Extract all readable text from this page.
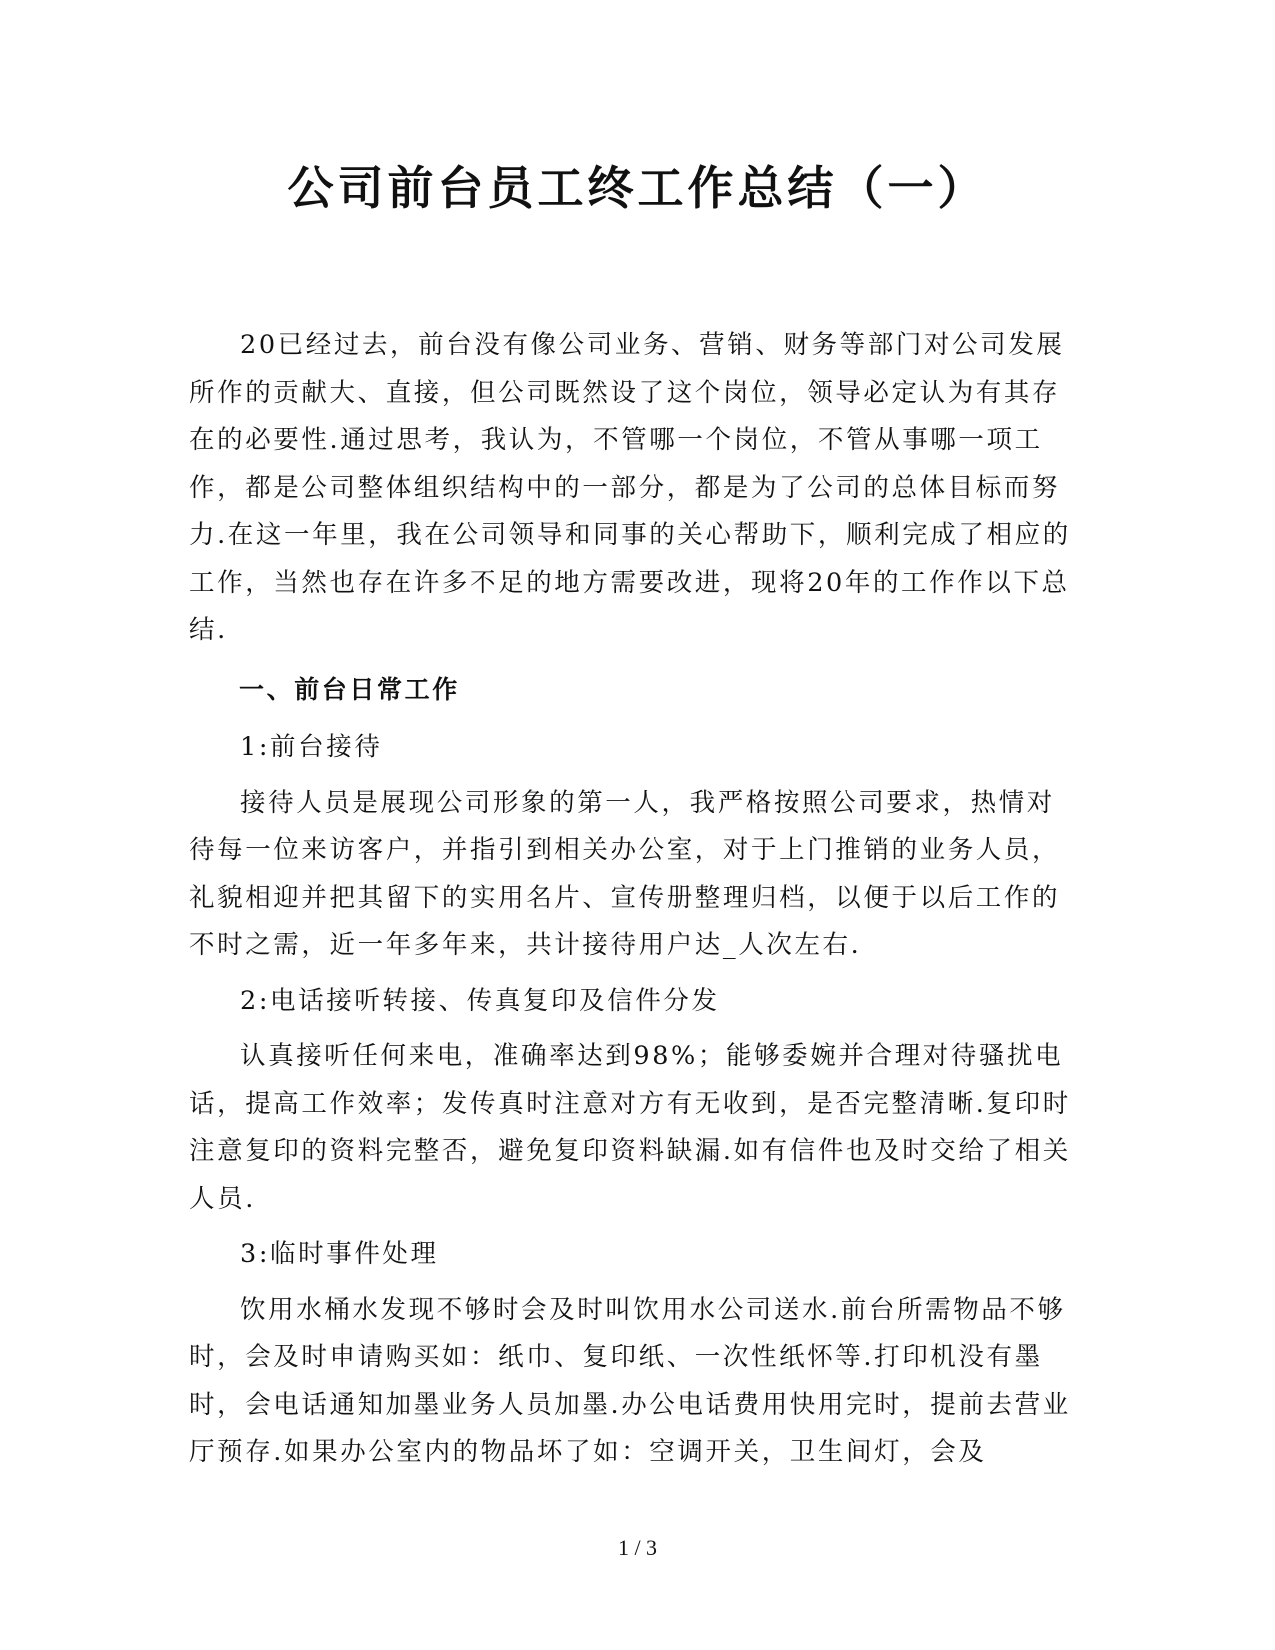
公司前台员工终工作总结（一）

20已经过去，前台没有像公司业务、营销、财务等部门对公司发展所作的贡献大、直接，但公司既然设了这个岗位，领导必定认为有其存在的必要性.通过思考，我认为，不管哪一个岗位，不管从事哪一项工作，都是公司整体组织结构中的一部分，都是为了公司的总体目标而努力.在这一年里，我在公司领导和同事的关心帮助下，顺利完成了相应的工作，当然也存在许多不足的地方需要改进，现将20年的工作作以下总结.

一、前台日常工作

1:前台接待

接待人员是展现公司形象的第一人，我严格按照公司要求，热情对待每一位来访客户，并指引到相关办公室，对于上门推销的业务人员，礼貌相迎并把其留下的实用名片、宣传册整理归档，以便于以后工作的不时之需，近一年多年来，共计接待用户达_人次左右.

2:电话接听转接、传真复印及信件分发

认真接听任何来电，准确率达到98%；能够委婉并合理对待骚扰电话，提高工作效率；发传真时注意对方有无收到，是否完整清晰.复印时注意复印的资料完整否，避免复印资料缺漏.如有信件也及时交给了相关人员.

3:临时事件处理

饮用水桶水发现不够时会及时叫饮用水公司送水.前台所需物品不够时，会及时申请购买如：纸巾、复印纸、一次性纸怀等.打印机没有墨时，会电话通知加墨业务人员加墨.办公电话费用快用完时，提前去营业厅预存.如果办公室内的物品坏了如：空调开关，卫生间灯，会及

1 / 3
